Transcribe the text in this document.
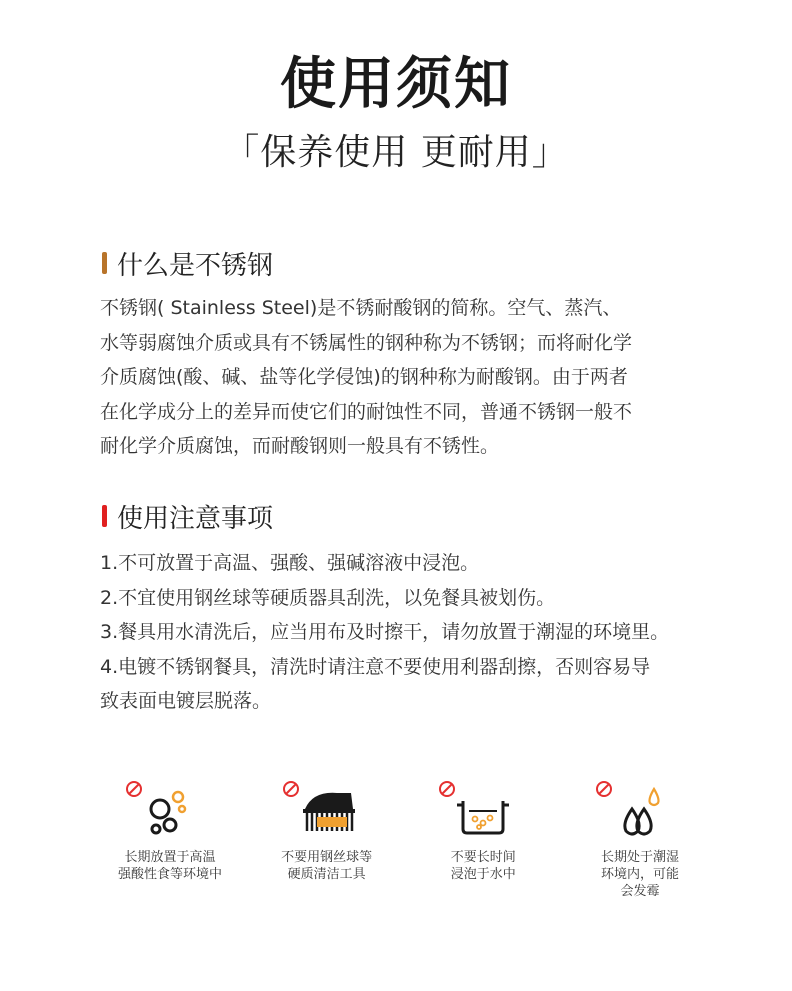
使用须知
「保养使用 更耐用」
什么是不锈钢
不锈钢( Stainless Steel)是不锈耐酸钢的简称。空气、蒸汽、
水等弱腐蚀介质或具有不锈属性的钢种称为不锈钢；而将耐化学
介质腐蚀(酸、碱、盐等化学侵蚀)的钢种称为耐酸钢。由于两者
在化学成分上的差异而使它们的耐蚀性不同，普通不锈钢一般不
耐化学介质腐蚀，而耐酸钢则一般具有不锈性。
使用注意事项
1.不可放置于高温、强酸、强碱溶液中浸泡。
2.不宜使用钢丝球等硬质器具刮洗，以免餐具被划伤。
3.餐具用水清洗后，应当用布及时擦干，请勿放置于潮湿的环境里。
4.电镀不锈钢餐具，清洗时请注意不要使用利器刮擦，否则容易导
致表面电镀层脱落。
长期放置于高温
强酸性食等环境中
不要用钢丝球等
硬质清洁工具
不要长时间
浸泡于水中
长期处于潮湿
环境内，可能
会发霉
